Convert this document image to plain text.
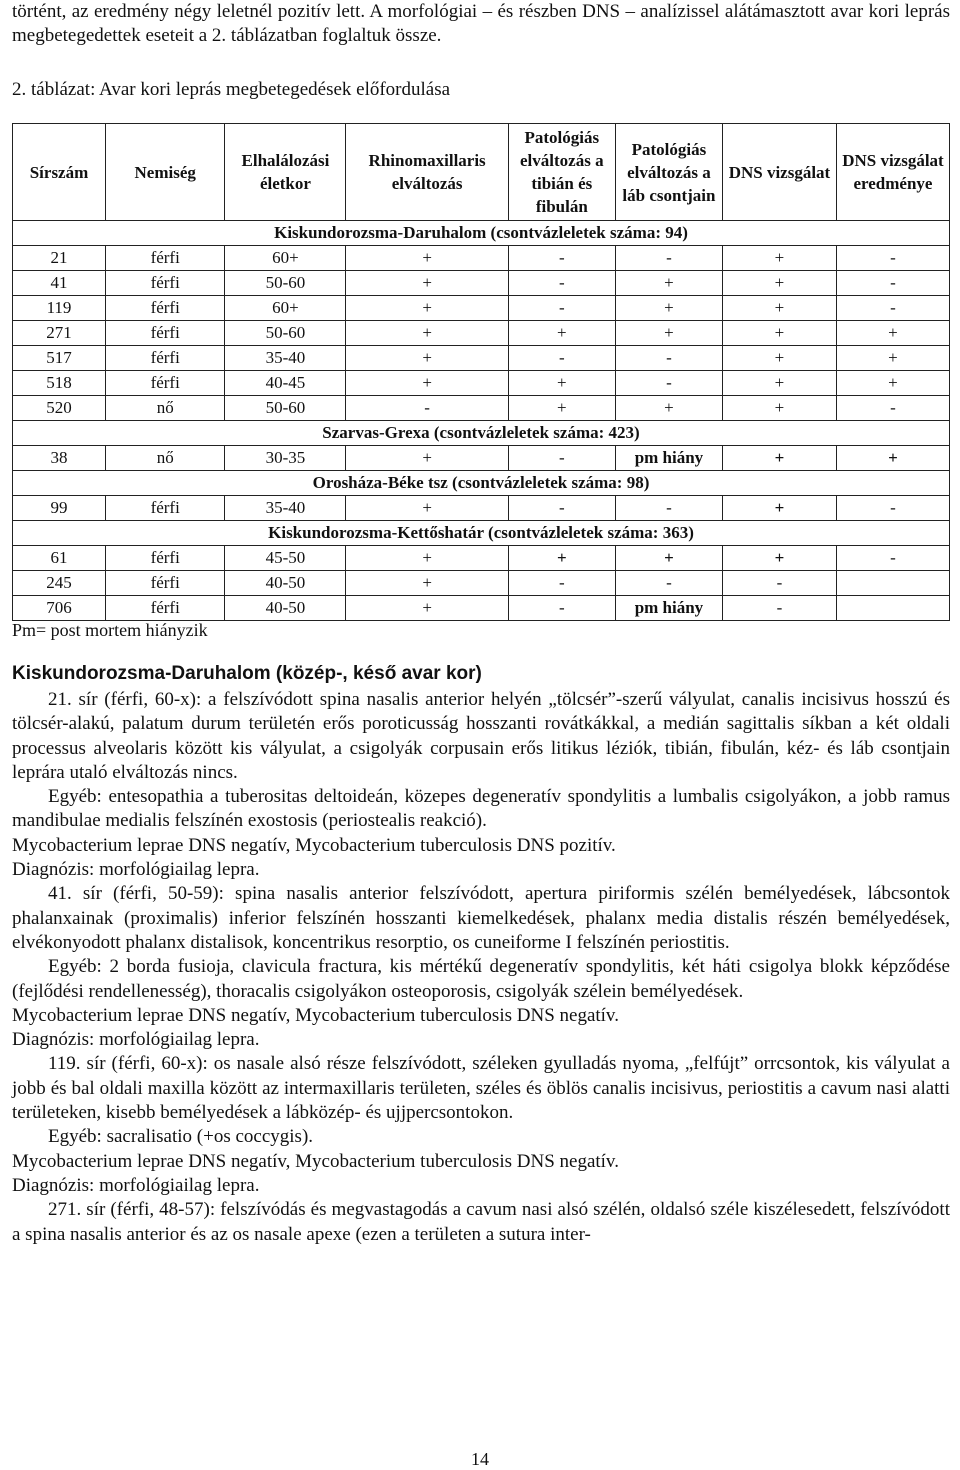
történt, az eredmény négy leletnél pozitív lett. A morfológiai – és részben DNS – analízissel alátámasztott avar kori leprás megbetegedettek eseteit a 2. táblázatban foglaltuk össze.
2. táblázat: Avar kori leprás megbetegedések előfordulása
Sírszám	Nemiség	Elhalálozási életkor	Rhinomaxillaris elváltozás	Patológiás elváltozás a tibián és fibulán	Patológiás elváltozás a láb csontjain	DNS vizsgálat	DNS vizsgálat eredménye
Kiskundorozsma-Daruhalom (csontvázleletek száma: 94)							
21	férfi	60+	+	-	-	+	-
41	férfi	50-60	+	-	+	+	-
119	férfi	60+	+	-	+	+	-
271	férfi	50-60	+	+	+	+	+
517	férfi	35-40	+	-	-	+	+
518	férfi	40-45	+	+	-	+	+
520	nő	50-60	-	+	+	+	-
Szarvas-Grexa (csontvázleletek száma: 423)							
38	nő	30-35	+	-	pm hiány	+	+
Orosháza-Béke tsz (csontvázleletek száma: 98)							
99	férfi	35-40	+	-	-	+	-
Kiskundorozsma-Kettőshatár (csontvázleletek száma: 363)							
61	férfi	45-50	+	+	+	+	-
245	férfi	40-50	+	-	-	-	
706	férfi	40-50	+	-	pm hiány	-	
Pm= post mortem hiányzik
Kiskundorozsma-Daruhalom (közép-, késő avar kor)

21. sír (férfi, 60-x): a felszívódott spina nasalis anterior helyén „tölcsér”-szerű vályulat, canalis incisivus hosszú és tölcsér-alakú, palatum durum területén erős poroticusság hosszanti rovátkákkal, a medián sagittalis síkban a két oldali processus alveolaris között kis vályulat, a csigolyák corpusain erős litikus léziók, tibián, fibulán, kéz- és láb csontjain leprára utaló elváltozás nincs.

Egyéb: entesopathia a tuberositas deltoideán, közepes degeneratív spondylitis a lumbalis csigolyákon, a jobb ramus mandibulae medialis felszínén exostosis (periostealis reakció).

Mycobacterium leprae DNS negatív, Mycobacterium tuberculosis DNS pozitív.

Diagnózis: morfológiailag lepra.

41. sír (férfi, 50-59): spina nasalis anterior felszívódott, apertura piriformis szélén bemélyedések, lábcsontok phalanxainak (proximalis) inferior felszínén hosszanti kiemelkedések, phalanx media distalis részén bemélyedések, elvékonyodott phalanx distalisok, koncentrikus resorptio, os cuneiforme I felszínén periostitis.

Egyéb: 2 borda fusioja, clavicula fractura, kis mértékű degeneratív spondylitis, két háti csigolya blokk képződése (fejlődési rendellenesség), thoracalis csigolyákon osteoporosis, csigolyák szélein bemélyedések.

Mycobacterium leprae DNS negatív, Mycobacterium tuberculosis DNS negatív.

Diagnózis: morfológiailag lepra.

119. sír (férfi, 60-x): os nasale alsó része felszívódott, széleken gyulladás nyoma, „felfújt” orrcsontok, kis vályulat a jobb és bal oldali maxilla között az intermaxillaris területen, széles és öblös canalis incisivus, periostitis a cavum nasi alatti területeken, kisebb bemélyedések a lábközép- és ujjpercsontokon.

Egyéb: sacralisatio (+os coccygis).

Mycobacterium leprae DNS negatív, Mycobacterium tuberculosis DNS negatív.

Diagnózis: morfológiailag lepra.

271. sír (férfi, 48-57): felszívódás és megvastagodás a cavum nasi alsó szélén, oldalsó széle kiszélesedett, felszívódott a spina nasalis anterior és az os nasale apexe (ezen a területen a sutura inter-

14
